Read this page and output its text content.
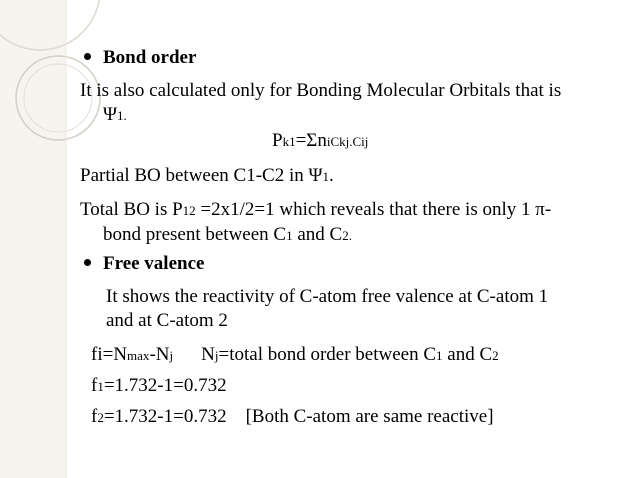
Bond order
It is also calculated only for Bonding Molecular Orbitals that is
Ψ1.
Pk1=ΣniCkj.Cij
Partial BO between C1-C2 in Ψ1.
Total BO is P12 =2x1/2=1 which reveals that there is only 1 π-
bond present between C1 and C2.
Free valence
It shows the reactivity of C-atom free valence at C-atom 1
and at C-atom 2
fi=Nmax-Nj Nj=total bond order between C1 and C2
f1=1.732-1=0.732
f2=1.732-1=0.732    [Both C-atom are same reactive]
